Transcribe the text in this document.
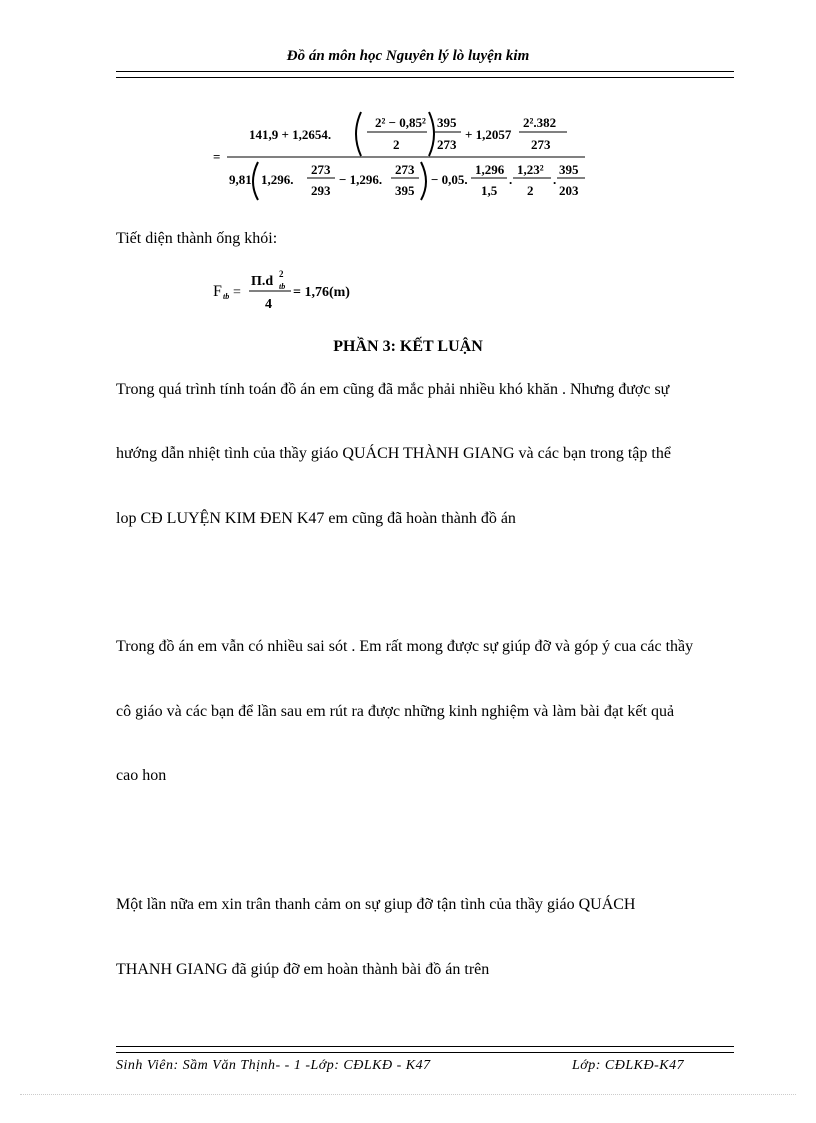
Đồ án môn học Nguyên lý lò luyện kim
=
141,9 + 1,2654.
2² − 0,85²
2
395
273
+ 1,2057
2².382
273
9,81 1,296.
273
293
− 1,296.
273
395
− 0,05.
1,296
1,5
.
1,23²
2
.
395
203
Tiết diện thành ống khói:
F tb =
Π.d 2
tb
4
= 1,76(m)
PHẦN 3: KẾT LUẬN
Trong quá trình tính toán đồ án em cũng đã mắc phải nhiều khó khăn . Nhưng được sự
hướng dẫn nhiệt tình của thầy giáo QUÁCH THÀNH GIANG và các bạn trong tập thể
lop CĐ LUYỆN KIM ĐEN K47 em cũng đã hoàn thành đồ án
Trong đồ án em vẫn có nhiều sai sót . Em rất mong được sự giúp đỡ và góp ý cua các thầy
cô giáo và các bạn để lần sau em rút ra được những kinh nghiệm và làm bài đạt kết quả
cao hon
Một lần nữa em xin trân thanh cảm on sự giup đỡ tận tình của thầy giáo QUÁCH
THANH GIANG đã giúp đỡ em hoàn thành bài đồ án trên
Sinh Viên: Sầm Văn Thịnh- - 1 -Lớp: CĐLKĐ - K47	Lớp: CĐLKĐ-K47
